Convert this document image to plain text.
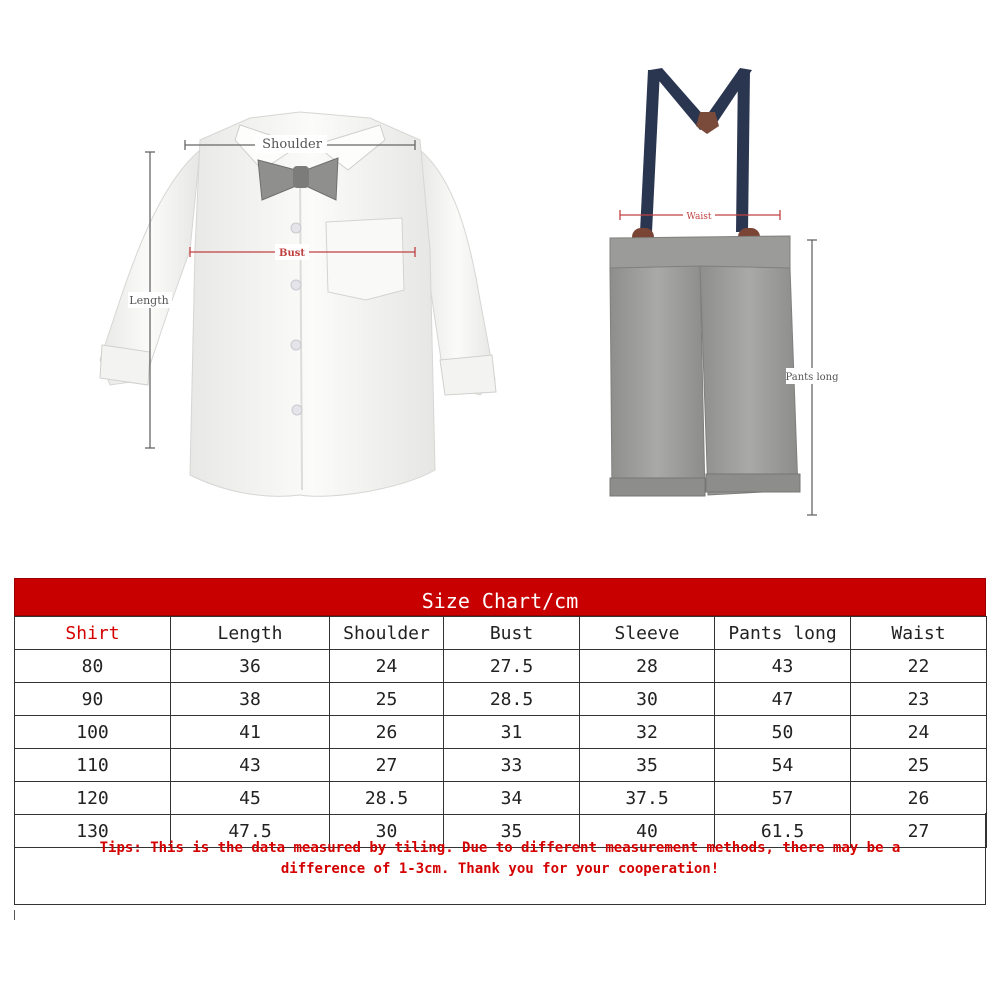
Shoulder
Bust
Length
Waist
Pants long
Size Chart/cm
Shirt	Length	Shoulder	Bust	Sleeve	Pants long	Waist
80	36	24	27.5	28	43	22
90	38	25	28.5	30	47	23
100	41	26	31	32	50	24
110	43	27	33	35	54	25
120	45	28.5	34	37.5	57	26
130	47.5	30	35	40	61.5	27
Tips: This is the data measured by tiling. Due to different measurement methods, there may be a
difference of 1-3cm. Thank you for your cooperation!
